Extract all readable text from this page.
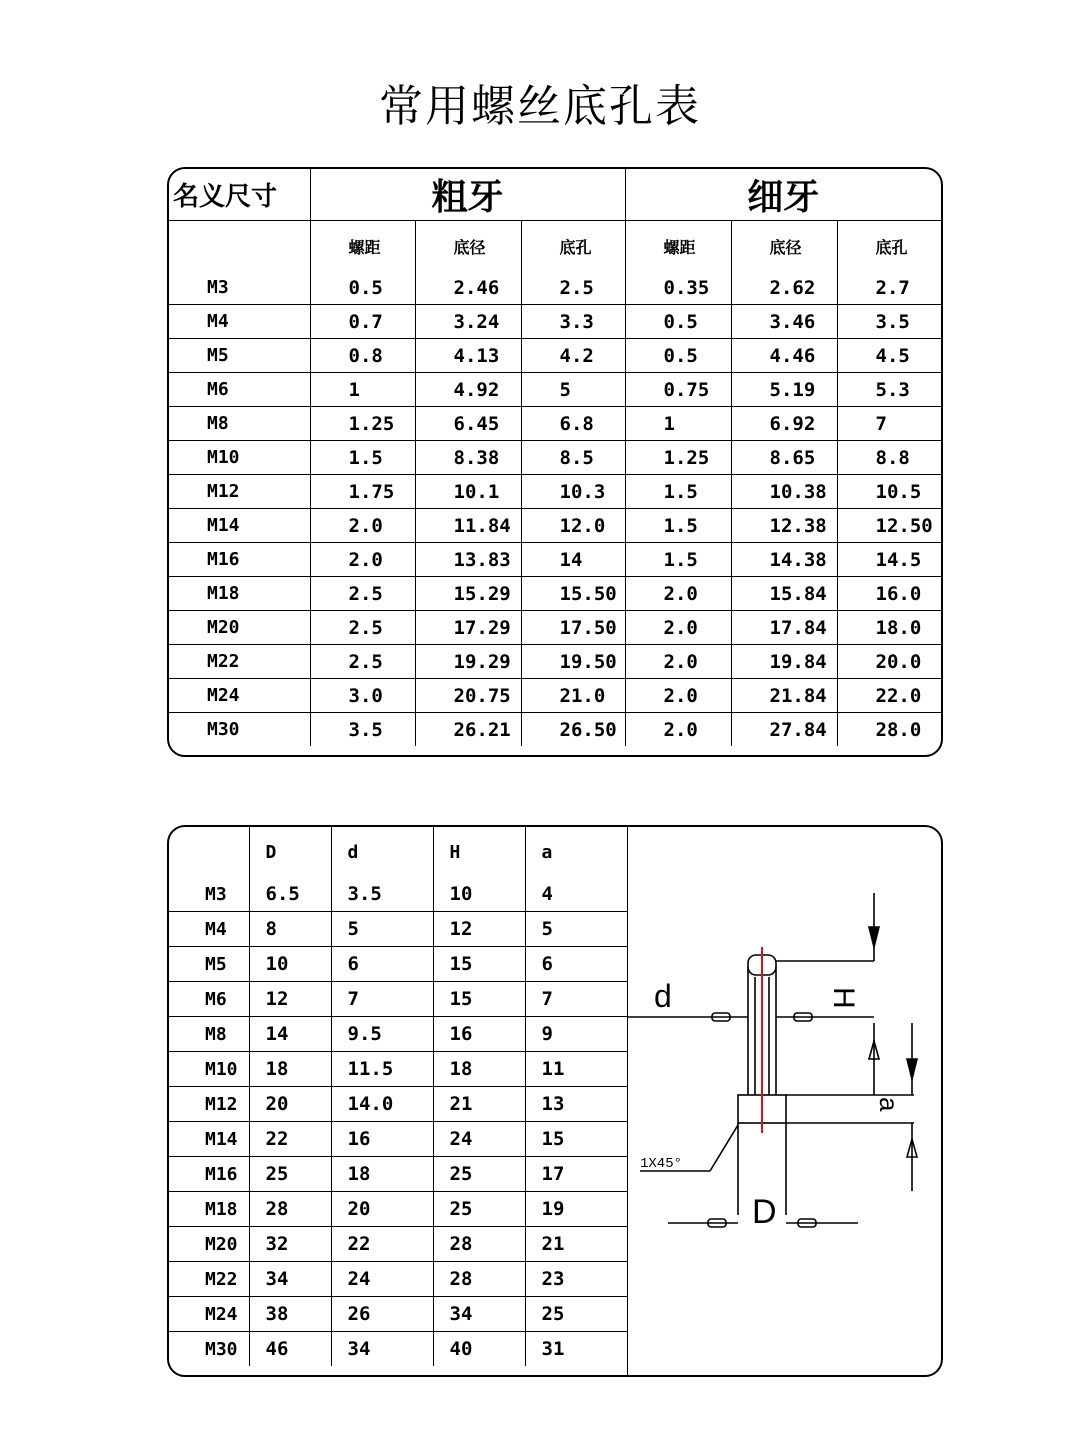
常用螺丝底孔表
名义尺寸	粗牙			细牙		
	螺距	底径	底孔	螺距	底径	底孔
M3	0.5	2.46	2.5	0.35	2.62	2.7
M4	0.7	3.24	3.3	0.5	3.46	3.5
M5	0.8	4.13	4.2	0.5	4.46	4.5
M6	1	4.92	5	0.75	5.19	5.3
M8	1.25	6.45	6.8	1	6.92	7
M10	1.5	8.38	8.5	1.25	8.65	8.8
M12	1.75	10.1	10.3	1.5	10.38	10.5
M14	2.0	11.84	12.0	1.5	12.38	12.50
M16	2.0	13.83	14	1.5	14.38	14.5
M18	2.5	15.29	15.50	2.0	15.84	16.0
M20	2.5	17.29	17.50	2.0	17.84	18.0
M22	2.5	19.29	19.50	2.0	19.84	20.0
M24	3.0	20.75	21.0	2.0	21.84	22.0
M30	3.5	26.21	26.50	2.0	27.84	28.0
	D	d	H	a
M3	6.5	3.5	10	4
M4	8	5	12	5
M5	10	6	15	6
M6	12	7	15	7
M8	14	9.5	16	9
M10	18	11.5	18	11
M12	20	14.0	21	13
M14	22	16	24	15
M16	25	18	25	17
M18	28	20	25	19
M20	32	22	28	21
M22	34	24	28	23
M24	38	26	34	25
M30	46	34	40	31
d	H
a
1X45°
D
